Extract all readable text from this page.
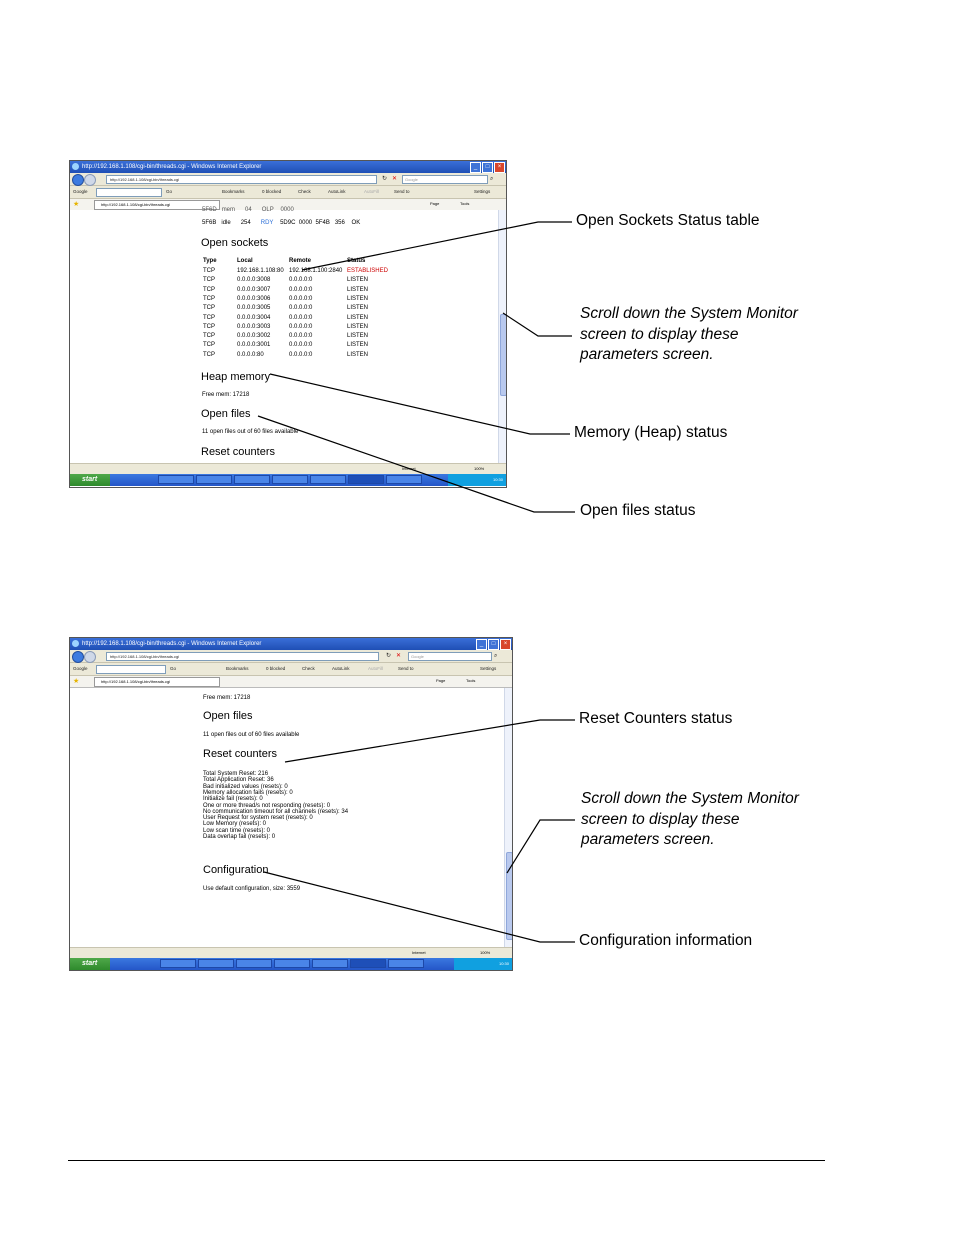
http://192.168.1.108/cgi-bin/threads.cgi - Windows Internet Explorer	_	□	×
http://192.168.1.108/cgi-bin/threads.cgi	↻ ✕	Google	⌕
Google	Go	Bookmarks	0 blocked	Check	AutoLink	AutoFill	Send to	Settings
★	http://192.168.1.108/cgi-bin/threads.cgi	Page	Tools
5F6D mem 04 OLP 0000
5F6B idle 254 RDY 5D9C 0000 5F4B 356 OK
Open sockets
Type	Local	Remote	Status
TCP	192.168.1.108:80 192.168.1.100:2840 ESTABLISHED
TCP	0.0.0.0:3008	0.0.0.0:0	LISTEN
TCP	0.0.0.0:3007	0.0.0.0:0	LISTEN
TCP	0.0.0.0:3006	0.0.0.0:0	LISTEN
TCP	0.0.0.0:3005	0.0.0.0:0	LISTEN
TCP	0.0.0.0:3004	0.0.0.0:0	LISTEN
TCP	0.0.0.0:3003	0.0.0.0:0	LISTEN
TCP	0.0.0.0:3002	0.0.0.0:0	LISTEN
TCP	0.0.0.0:3001	0.0.0.0:0	LISTEN
TCP	0.0.0.0:80	0.0.0.0:0	LISTEN
Heap memory
Free mem: 17218
Open files
11 open files out of 60 files available
Reset counters
Internet	100%
start	10:30
http://192.168.1.108/cgi-bin/threads.cgi - Windows Internet Explorer	_	□	×
http://192.168.1.108/cgi-bin/threads.cgi	↻ ✕	Google	⌕
Google	Go	Bookmarks	0 blocked	Check	AutoLink	AutoFill	Send to	Settings
★	http://192.168.1.108/cgi-bin/threads.cgi	Page	Tools
Free mem: 17218
Open files
11 open files out of 60 files available
Reset counters
Total System Reset: 216
Total Application Reset: 36
Bad initialized values (resets): 0
Memory allocation fails (resets): 0
Initialize fail (resets): 0
One or more thread/s not responding (resets): 0
No communication timeout for all channels (resets): 34
User Request for system reset (resets): 0
Low Memory (resets): 0
Low scan time (resets): 0
Data overlap fail (resets): 0
Configuration
Use default configuration, size: 3559
Internet	100%
start	10:30
Open Sockets Status table
Scroll down the System Monitor
screen to display these
parameters screen.
Memory (Heap) status
Open files status
Reset Counters status
Scroll down the System Monitor
screen to display these
parameters screen.
Configuration information
